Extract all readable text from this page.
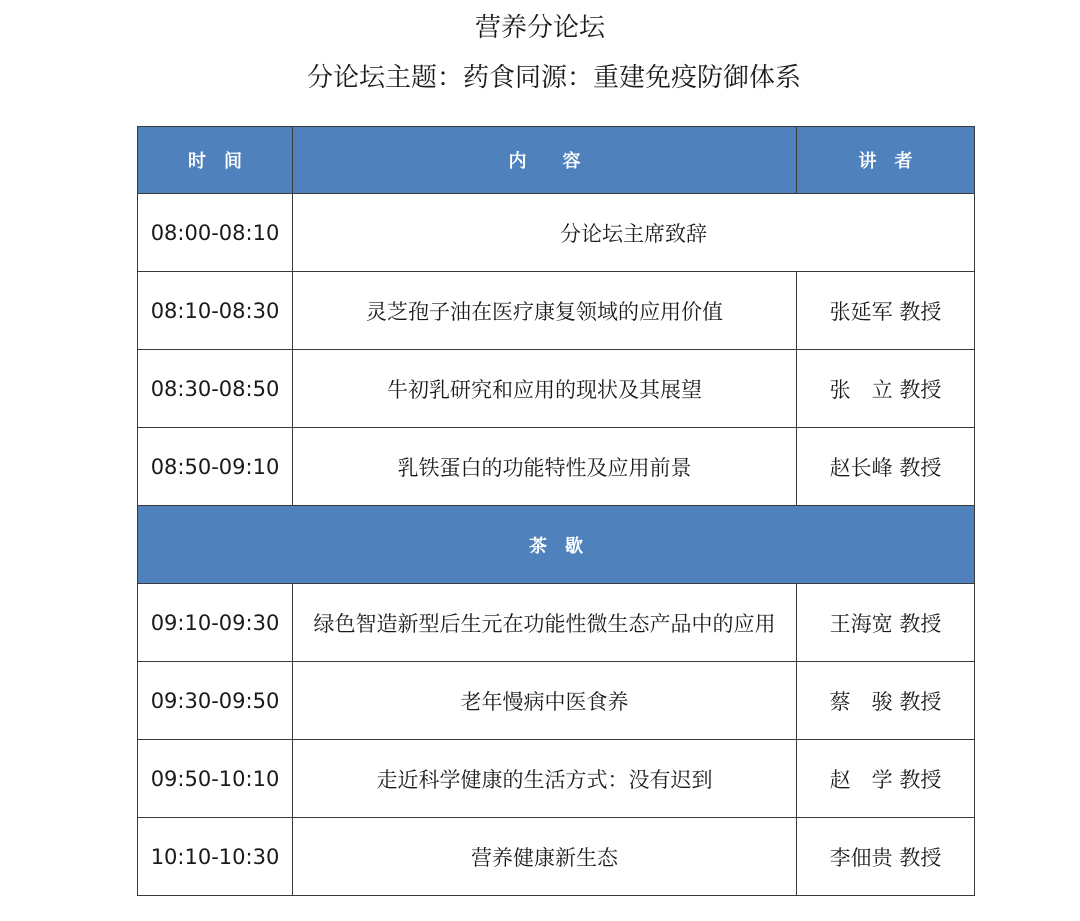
营养分论坛
分论坛主题：药食同源：重建免疫防御体系
时　间	内　　容	讲　者
08:00-08:10	分论坛主席致辞	
08:10-08:30	灵芝孢子油在医疗康复领域的应用价值	张延军 教授
08:30-08:50	牛初乳研究和应用的现状及其展望	张　立 教授
08:50-09:10	乳铁蛋白的功能特性及应用前景	赵长峰 教授
茶　歇		
09:10-09:30	绿色智造新型后生元在功能性微生态产品中的应用	王海宽 教授
09:30-09:50	老年慢病中医食养	蔡　骏 教授
09:50-10:10	走近科学健康的生活方式：没有迟到	赵　学 教授
10:10-10:30	营养健康新生态	李佃贵 教授
